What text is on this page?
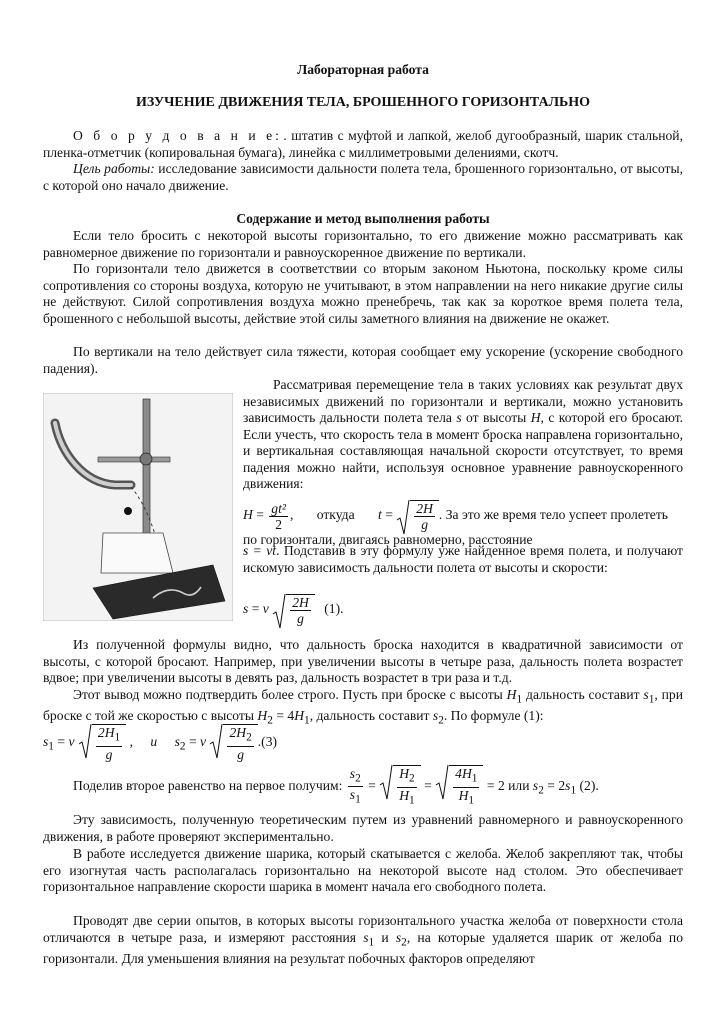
Лабораторная работа

ИЗУЧЕНИЕ ДВИЖЕНИЯ ТЕЛА, БРОШЕННОГО ГОРИЗОНТАЛЬНО

О б о р у д о в а н и е: . штатив с муфтой и лапкой, желоб дугообразный, шарик стальной, пленка-отметчик (копировальная бумага), линейка с миллиметровыми делениями, скотч.

Цель работы: исследование зависимости дальности полета тела, брошенного горизонтально, от высоты, с которой оно начало движение.

Содержание и метод выполнения работы

Если тело бросить с некоторой высоты горизонтально, то его движение можно рассматривать как равномерное движение по горизонтали и равноускоренное движение по вертикали.

По горизонтали тело движется в соответствии со вторым законом Ньютона, поскольку кроме силы сопротивления со стороны воздуха, которую не учитывают, в этом направлении на него никакие другие силы не действуют. Силой сопротивления воздуха можно пренебречь, так как за короткое время полета тела, брошенного с небольшой высоты, действие этой силы заметного влияния на движение не окажет.

По вертикали на тело действует сила тяжести, которая сообщает ему ускорение (ускорение свободного падения).

Рассматривая перемещение тела в таких условиях как результат двух независимых движений по горизонтали и вертикали, можно установить зависимость дальности полета тела s от высоты H, с которой его бросают. Если учесть, что скорость тела в момент броска направлена горизонтально, и вертикальная составляющая начальной скорости отсутствует, то время падения можно найти, используя основное уравнение равноускоренного движения:

$H = \frac{\text{gt²}}{2}$ , откуда $t = \frac{2H}{g}$ . За это же время тело успеет пролететь по горизонтали, двигаясь равномерно, расстояние

s = vt. Подставив в эту формулу уже найденное время полета, и получают искомую зависимость дальности полета от высоты и скорости:

s = v $\frac{2H}{g} (1)$.

Из полученной формулы видно, что дальность броска находится в квадратичной зависимости от высоты, с которой бросают. Например, при увеличении высоты в четыре раза, дальность полета возрастет вдвое; при увеличении высоты в девять раз, дальность возрастет в три раза и т.д.

Этот вывод можно подтвердить более строго. Пусть при броске с высоты $H_1$ дальность составит $s_1$, при броске с той же скоростью с высоты $H_2 = 4H_1$, дальность составит $s_2$. По формуле (1):

$s_1 = v \frac{2H_1}{g}$ , и $s_2 = v \frac{2H_2}{g} .(3)$
Поделив второе равенство на первое получим: $\frac{s_2}{s_1} = \frac{H_2}{H_1} = \frac{4H_1}{H_1} = 2$ или $s_2 = 2s_1$ (2).

Эту зависимость, полученную теоретическим путем из уравнений равномерного и равноускоренного движения, в работе проверяют экспериментально.

В работе исследуется движение шарика, который скатывается с желоба. Желоб закрепляют так, чтобы его изогнутая часть располагалась горизонтально на некоторой высоте над столом. Это обеспечивает горизонтальное направление скорости шарика в момент начала его свободного полета.

Проводят две серии опытов, в которых высоты горизонтального участка желоба от поверхности стола отличаются в четыре раза, и измеряют расстояния $s_1$ и $s_2$, на которые удаляется шарик от желоба по горизонтали. Для уменьшения влияния на результат побочных факторов определяют
